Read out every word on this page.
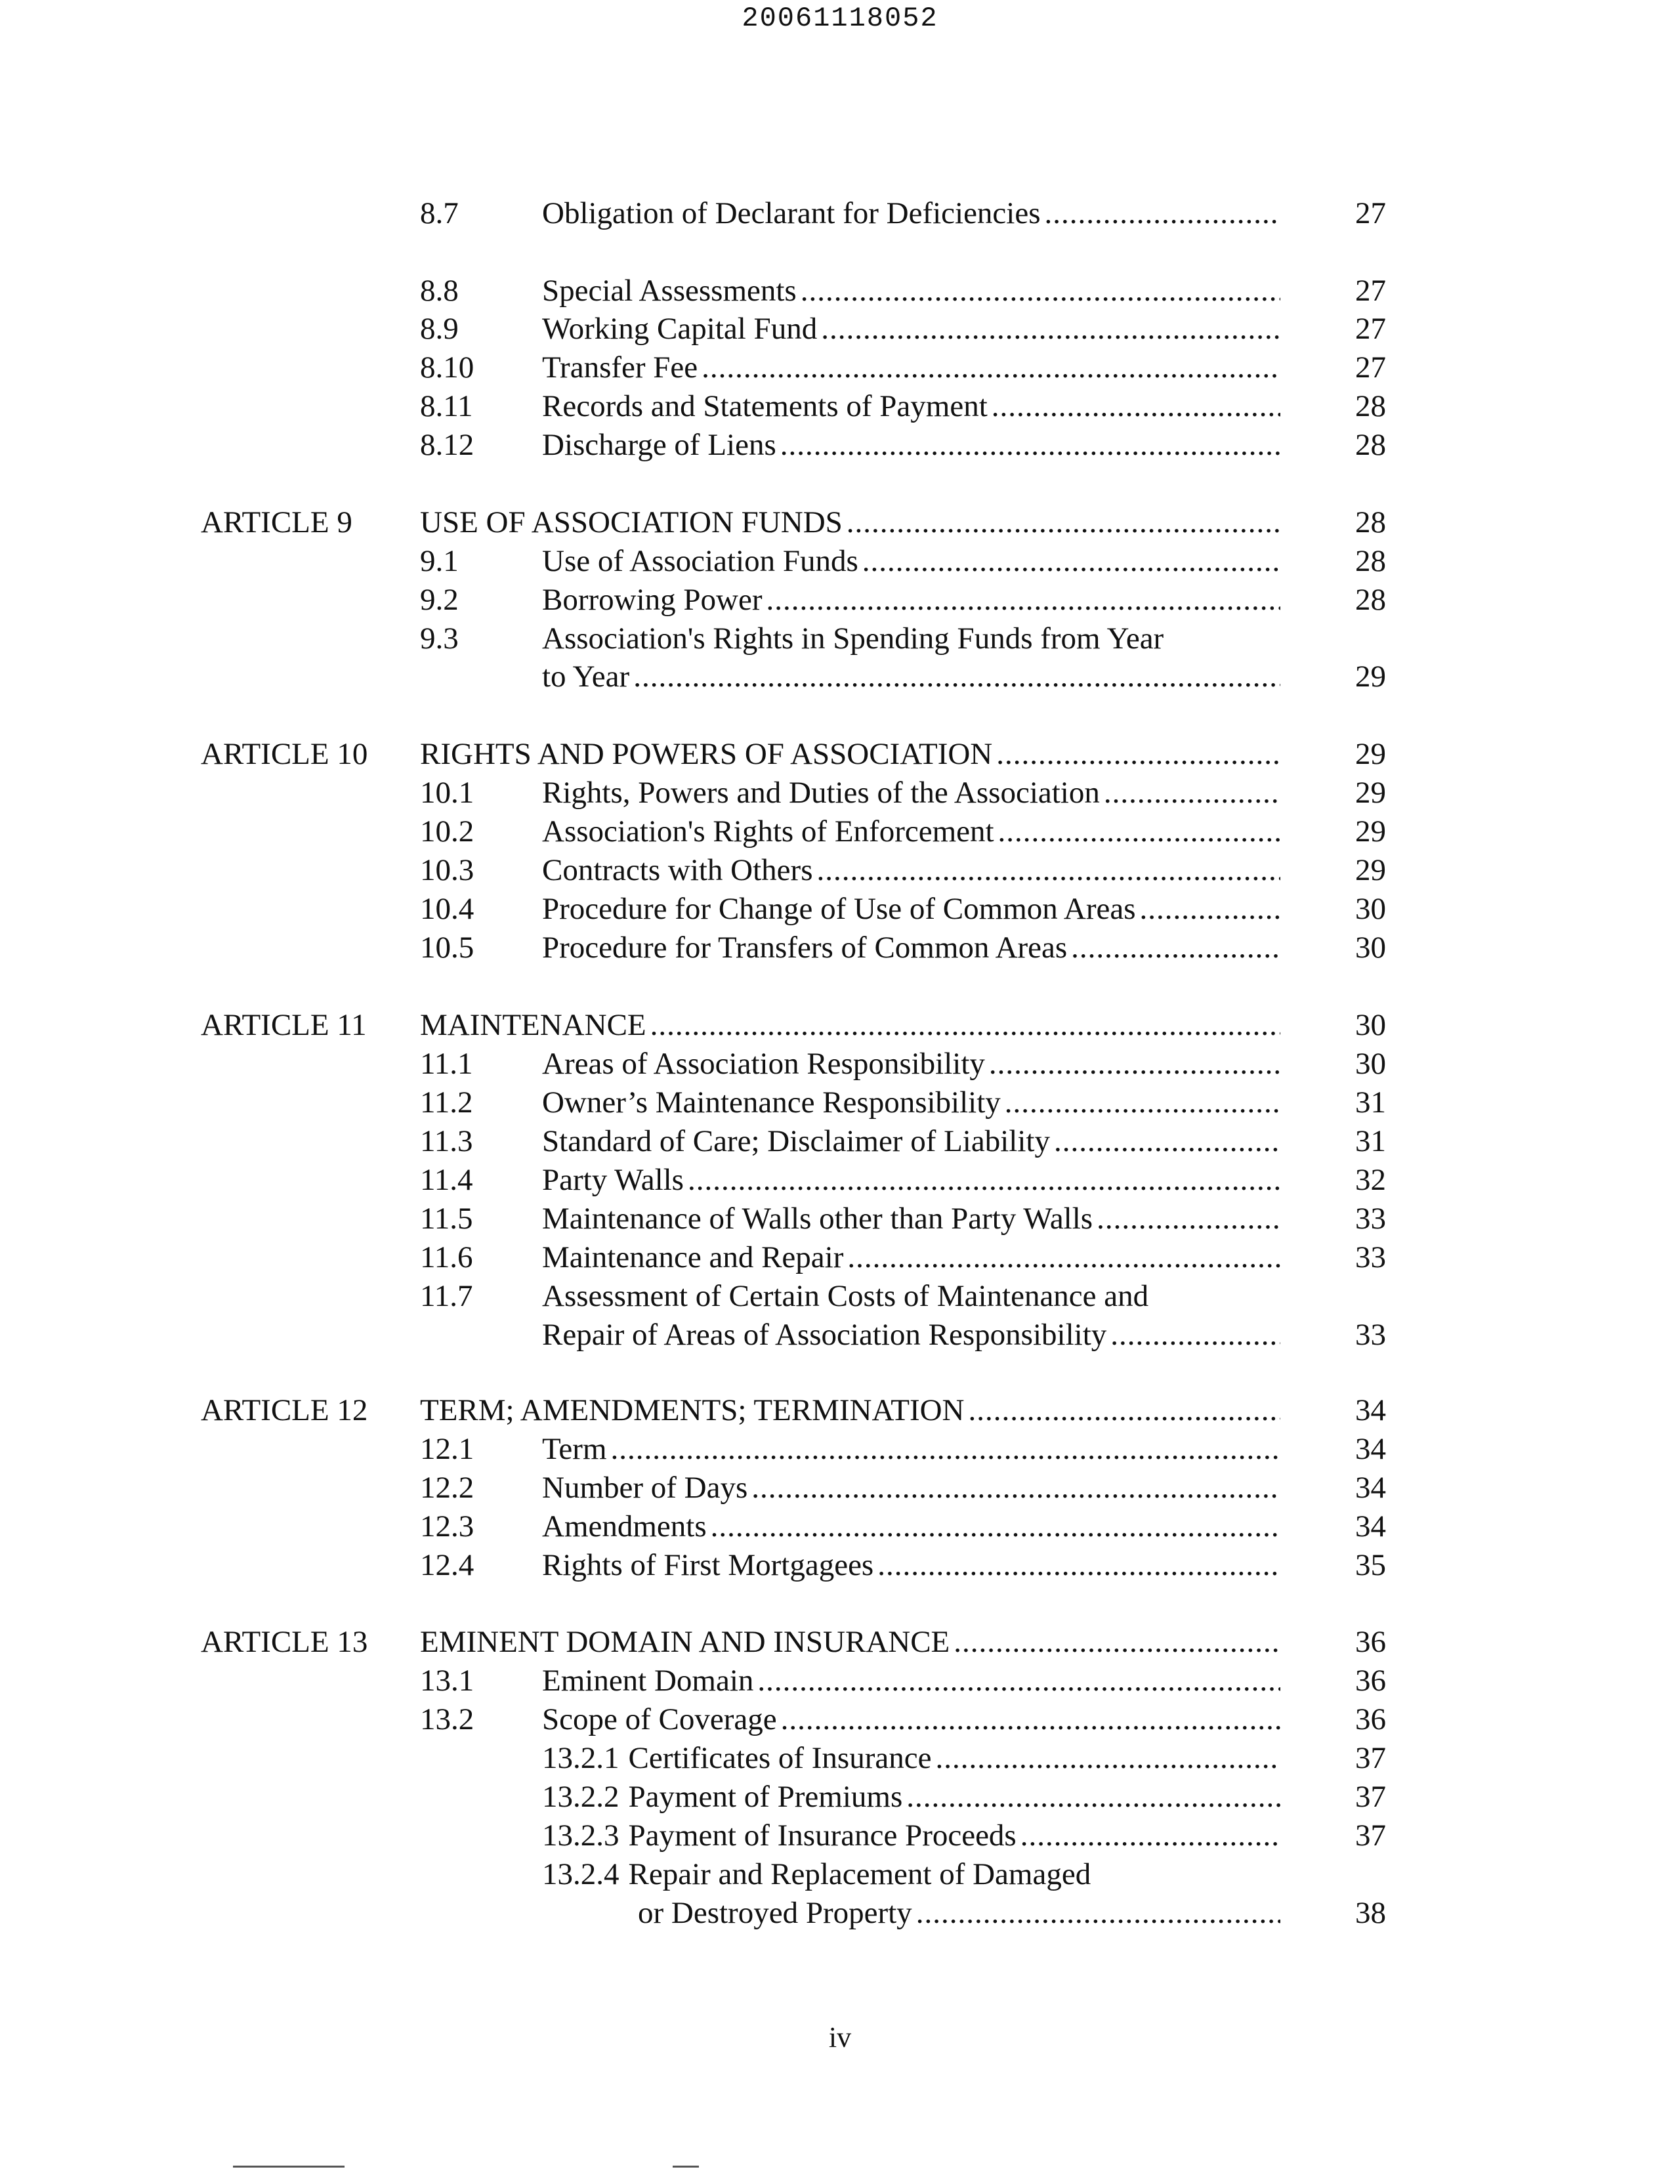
20061118052
8.7	Obligation of Declarant for Deficiencies .....	27
8.8	Special Assessments .....	27
8.9	Working Capital Fund .....	27
8.10 Transfer Fee .....	27
8.11 Records and Statements of Payment .....	28
8.12 Discharge of Liens .....	28
ARTICLE 9 USE OF ASSOCIATION FUNDS .....	28
9.1	Use of Association Funds .....	28
9.2	Borrowing Power .....	28
9.3	Association's Rights in Spending Funds from Year
to Year .....	29
ARTICLE 10 RIGHTS AND POWERS OF ASSOCIATION .....	29
10.1 Rights, Powers and Duties of the Association .....	29
10.2 Association's Rights of Enforcement .....	29
10.3 Contracts with Others .....	29
10.4 Procedure for Change of Use of Common Areas .....	30
10.5 Procedure for Transfers of Common Areas .....	30
ARTICLE 11 MAINTENANCE .....	30
11.1 Areas of Association Responsibility .....	30
11.2 Owner’s Maintenance Responsibility .....	31
11.3 Standard of Care; Disclaimer of Liability .....	31
11.4 Party Walls .....	32
11.5 Maintenance of Walls other than Party Walls .....	33
11.6 Maintenance and Repair .....	33
11.7 Assessment of Certain Costs of Maintenance and
Repair of Areas of Association Responsibility .....	33
ARTICLE 12 TERM; AMENDMENTS; TERMINATION .....	34
12.1 Term .....	34
12.2 Number of Days .....	34
12.3 Amendments .....	34
12.4 Rights of First Mortgagees .....	35
ARTICLE 13 EMINENT DOMAIN AND INSURANCE .....	36
13.1 Eminent Domain .....	36
13.2 Scope of Coverage .....	36
13.2.1 Certificates of Insurance .....	37
13.2.2 Payment of Premiums .....	37
13.2.3 Payment of Insurance Proceeds .....	37
13.2.4 Repair and Replacement of Damaged
or Destroyed Property .....	38
iv
